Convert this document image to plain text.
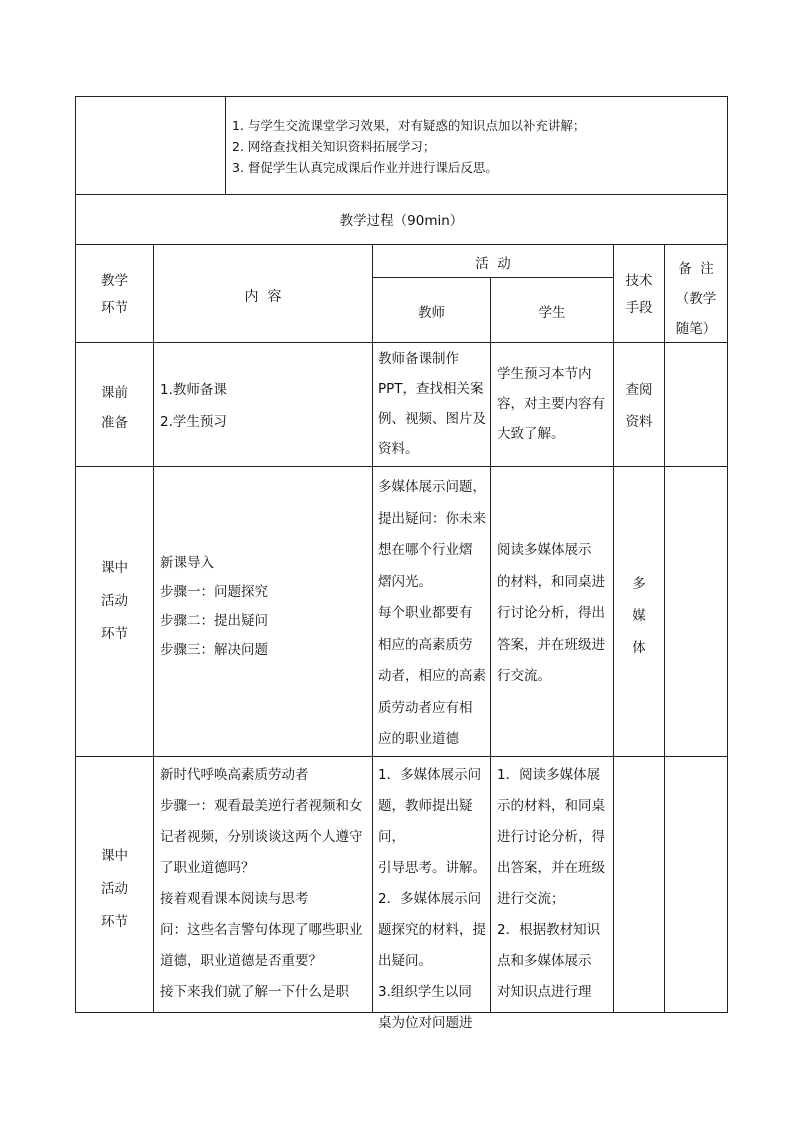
1. 与学生交流课堂学习效果，对有疑惑的知识点加以补充讲解；
2. 网络查找相关知识资料拓展学习；
3. 督促学生认真完成课后作业并进行课后反思。
教学过程（90min）
教学
环节
内  容
活  动
教师	学生
技术
手段
备  注
（教学
随笔）
课前
准备
1.教师备课
2.学生预习
教师备课制作
PPT，查找相关案
例、视频、图片及
资料。
学生预习本节内
容，对主要内容有
大致了解。
查阅
资料
课中
活动
环节
新课导入
步骤一：问题探究
步骤二：提出疑问
步骤三：解决问题
多媒体展示问题，
提出疑问：你未来
想在哪个行业熠
熠闪光。
每个职业都要有
相应的高素质劳
动者，相应的高素
质劳动者应有相
应的职业道德
阅读多媒体展示
的材料，和同桌进
行讨论分析，得出
答案，并在班级进
行交流。
多
媒
体
课中
活动
环节
新时代呼唤高素质劳动者
步骤一：观看最美逆行者视频和女
记者视频，分别谈谈这两个人遵守
了职业道德吗？
接着观看课本阅读与思考
问：这些名言警句体现了哪些职业
道德，职业道德是否重要？
接下来我们就了解一下什么是职
1．多媒体展示问
题，教师提出疑问，
引导思考。讲解。
2．多媒体展示问
题探究的材料，提
出疑问。
3.组织学生以同
桌为位对问题进
1．阅读多媒体展
示的材料，和同桌
进行讨论分析，得
出答案，并在班级
进行交流；
2．根据教材知识
点和多媒体展示
对知识点进行理
